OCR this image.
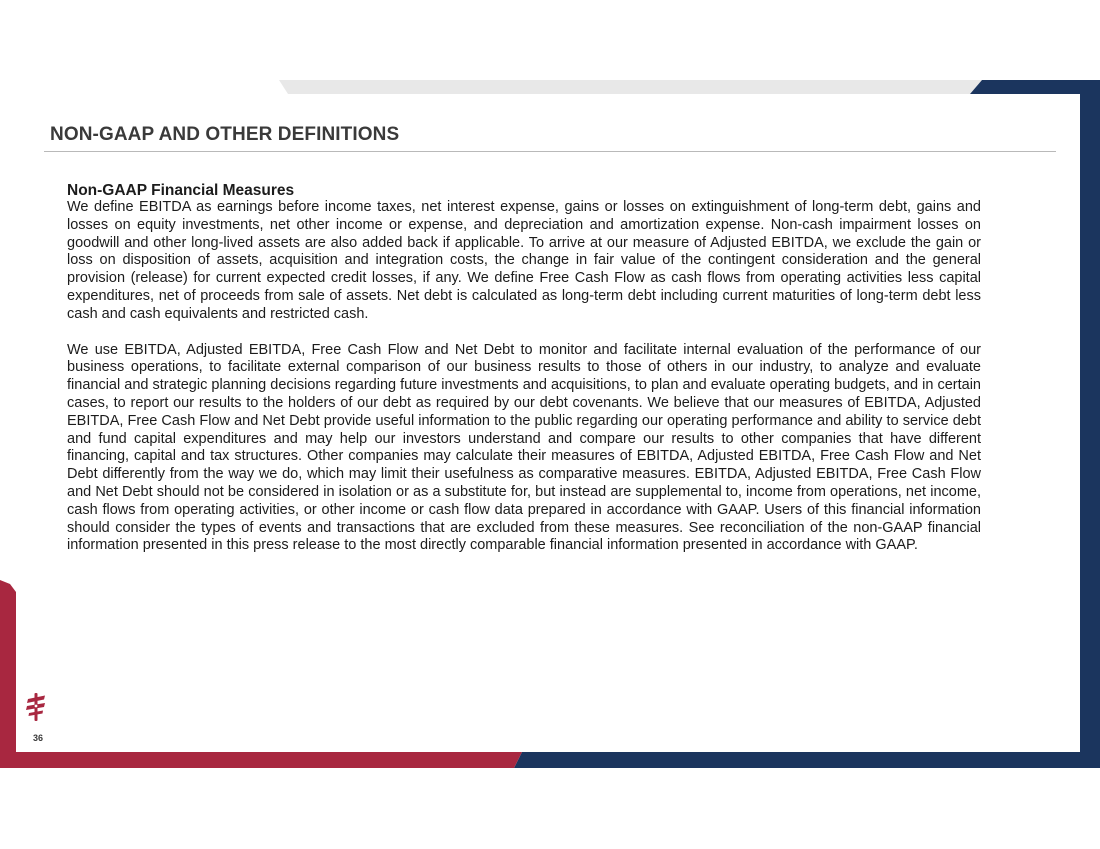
NON-GAAP AND OTHER DEFINITIONS
Non-GAAP Financial Measures

We define EBITDA as earnings before income taxes, net interest expense, gains or losses on extinguishment of long-term debt, gains and losses on equity investments, net other income or expense, and depreciation and amortization expense. Non-cash impairment losses on goodwill and other long-lived assets are also added back if applicable. To arrive at our measure of Adjusted EBITDA, we exclude the gain or loss on disposition of assets, acquisition and integration costs, the change in fair value of the contingent consideration and the general provision (release) for current expected credit losses, if any. We define Free Cash Flow as cash flows from operating activities less capital expenditures, net of proceeds from sale of assets. Net debt is calculated as long-term debt including current maturities of long-term debt less cash and cash equivalents and restricted cash.

We use EBITDA, Adjusted EBITDA, Free Cash Flow and Net Debt to monitor and facilitate internal evaluation of the performance of our business operations, to facilitate external comparison of our business results to those of others in our industry, to analyze and evaluate financial and strategic planning decisions regarding future investments and acquisitions, to plan and evaluate operating budgets, and in certain cases, to report our results to the holders of our debt as required by our debt covenants. We believe that our measures of EBITDA, Adjusted EBITDA, Free Cash Flow and Net Debt provide useful information to the public regarding our operating performance and ability to service debt and fund capital expenditures and may help our investors understand and compare our results to other companies that have different financing, capital and tax structures. Other companies may calculate their measures of EBITDA, Adjusted EBITDA, Free Cash Flow and Net Debt differently from the way we do, which may limit their usefulness as comparative measures. EBITDA, Adjusted EBITDA, Free Cash Flow and Net Debt should not be considered in isolation or as a substitute for, but instead are supplemental to, income from operations, net income, cash flows from operating activities, or other income or cash flow data prepared in accordance with GAAP. Users of this financial information should consider the types of events and transactions that are excluded from these measures. See reconciliation of the non-GAAP financial information presented in this press release to the most directly comparable financial information presented in accordance with GAAP.

36
